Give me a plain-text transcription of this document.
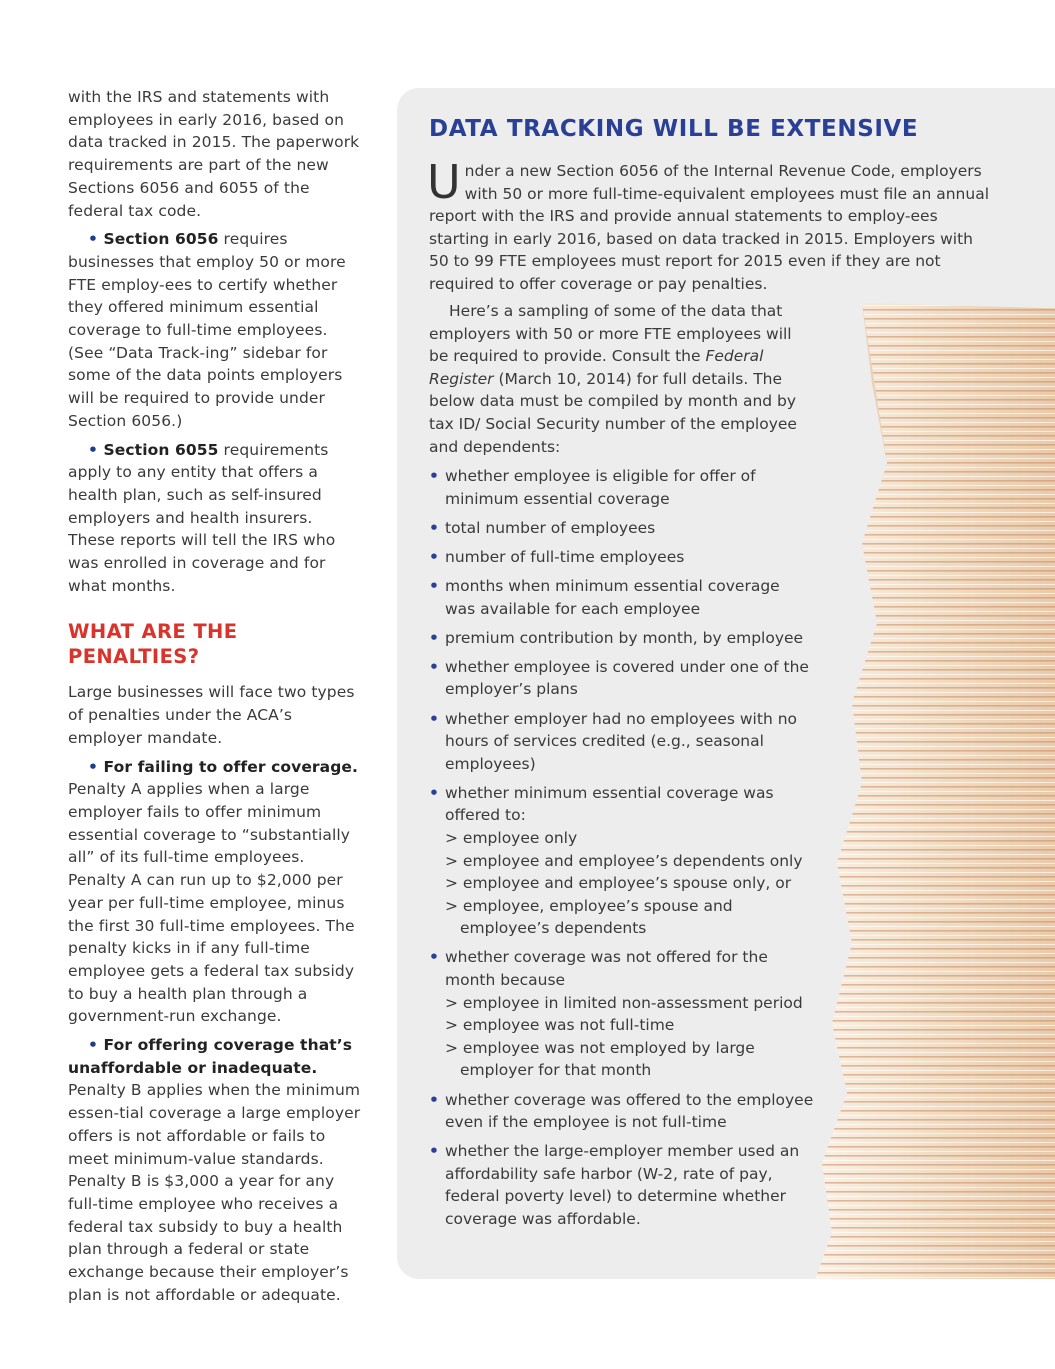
with the IRS and statements with employees in early 2016, based on data tracked in 2015. The paperwork requirements are part of the new Sections 6056 and 6055 of the federal tax code.

• Section 6056 requires businesses that employ 50 or more FTE employ-ees to certify whether they offered minimum essential coverage to full-time employees. (See “Data Track-ing” sidebar for some of the data points employers will be required to provide under Section 6056.)

• Section 6055 requirements apply to any entity that offers a health plan, such as self-insured employers and health insurers. These reports will tell the IRS who was enrolled in coverage and for what months.

WHAT ARE THE
PENALTIES?

Large businesses will face two types of penalties under the ACA’s employer mandate.

• For failing to offer coverage. Penalty A applies when a large employer fails to offer minimum essential coverage to “substantially all” of its full-time employees. Penalty A can run up to $2,000 per year per full-time employee, minus the first 30 full-time employees. The penalty kicks in if any full-time employee gets a federal tax subsidy to buy a health plan through a government-run exchange.

• For offering coverage that’s unaffordable or inadequate. Penalty B applies when the minimum essen-tial coverage a large employer offers is not affordable or fails to meet minimum-value standards. Penalty B is $3,000 a year for any full-time employee who receives a federal tax subsidy to buy a health plan through a federal or state exchange because their employer’s plan is not affordable or adequate.

DATA TRACKING WILL BE EXTENSIVE
Under a new Section 6056 of the Internal Revenue Code, employers with 50 or more full-time-equivalent employees must file an annual report with the IRS and provide annual statements to employ-ees starting in early 2016, based on data tracked in 2015. Employers with 50 to 99 FTE employees must report for 2015 even if they are not required to offer coverage or pay penalties.

Here’s a sampling of some of the data that employers with 50 or more FTE employees will be required to provide. Consult the Federal Register (March 10, 2014) for full details. The below data must be compiled by month and by tax ID/ Social Security number of the employee and dependents:

• whether employee is eligible for offer of minimum essential coverage
• total number of employees
• number of full-time employees
• months when minimum essential coverage was available for each employee
• premium contribution by month, by employee
• whether employee is covered under one of the employer’s plans
• whether employer had no employees with no hours of services credited (e.g., seasonal employees)
• whether minimum essential coverage was offered to:
> employee only
> employee and employee’s dependents only
> employee and employee’s spouse only, or
> employee, employee’s spouse and employee’s dependents
• whether coverage was not offered for the month because
> employee in limited non-assessment period
> employee was not full-time
> employee was not employed by large employer for that month
• whether coverage was offered to the employee even if the employee is not full-time
• whether the large-employer member used an affordability safe harbor (W-2, rate of pay, federal poverty level) to determine whether coverage was affordable.
